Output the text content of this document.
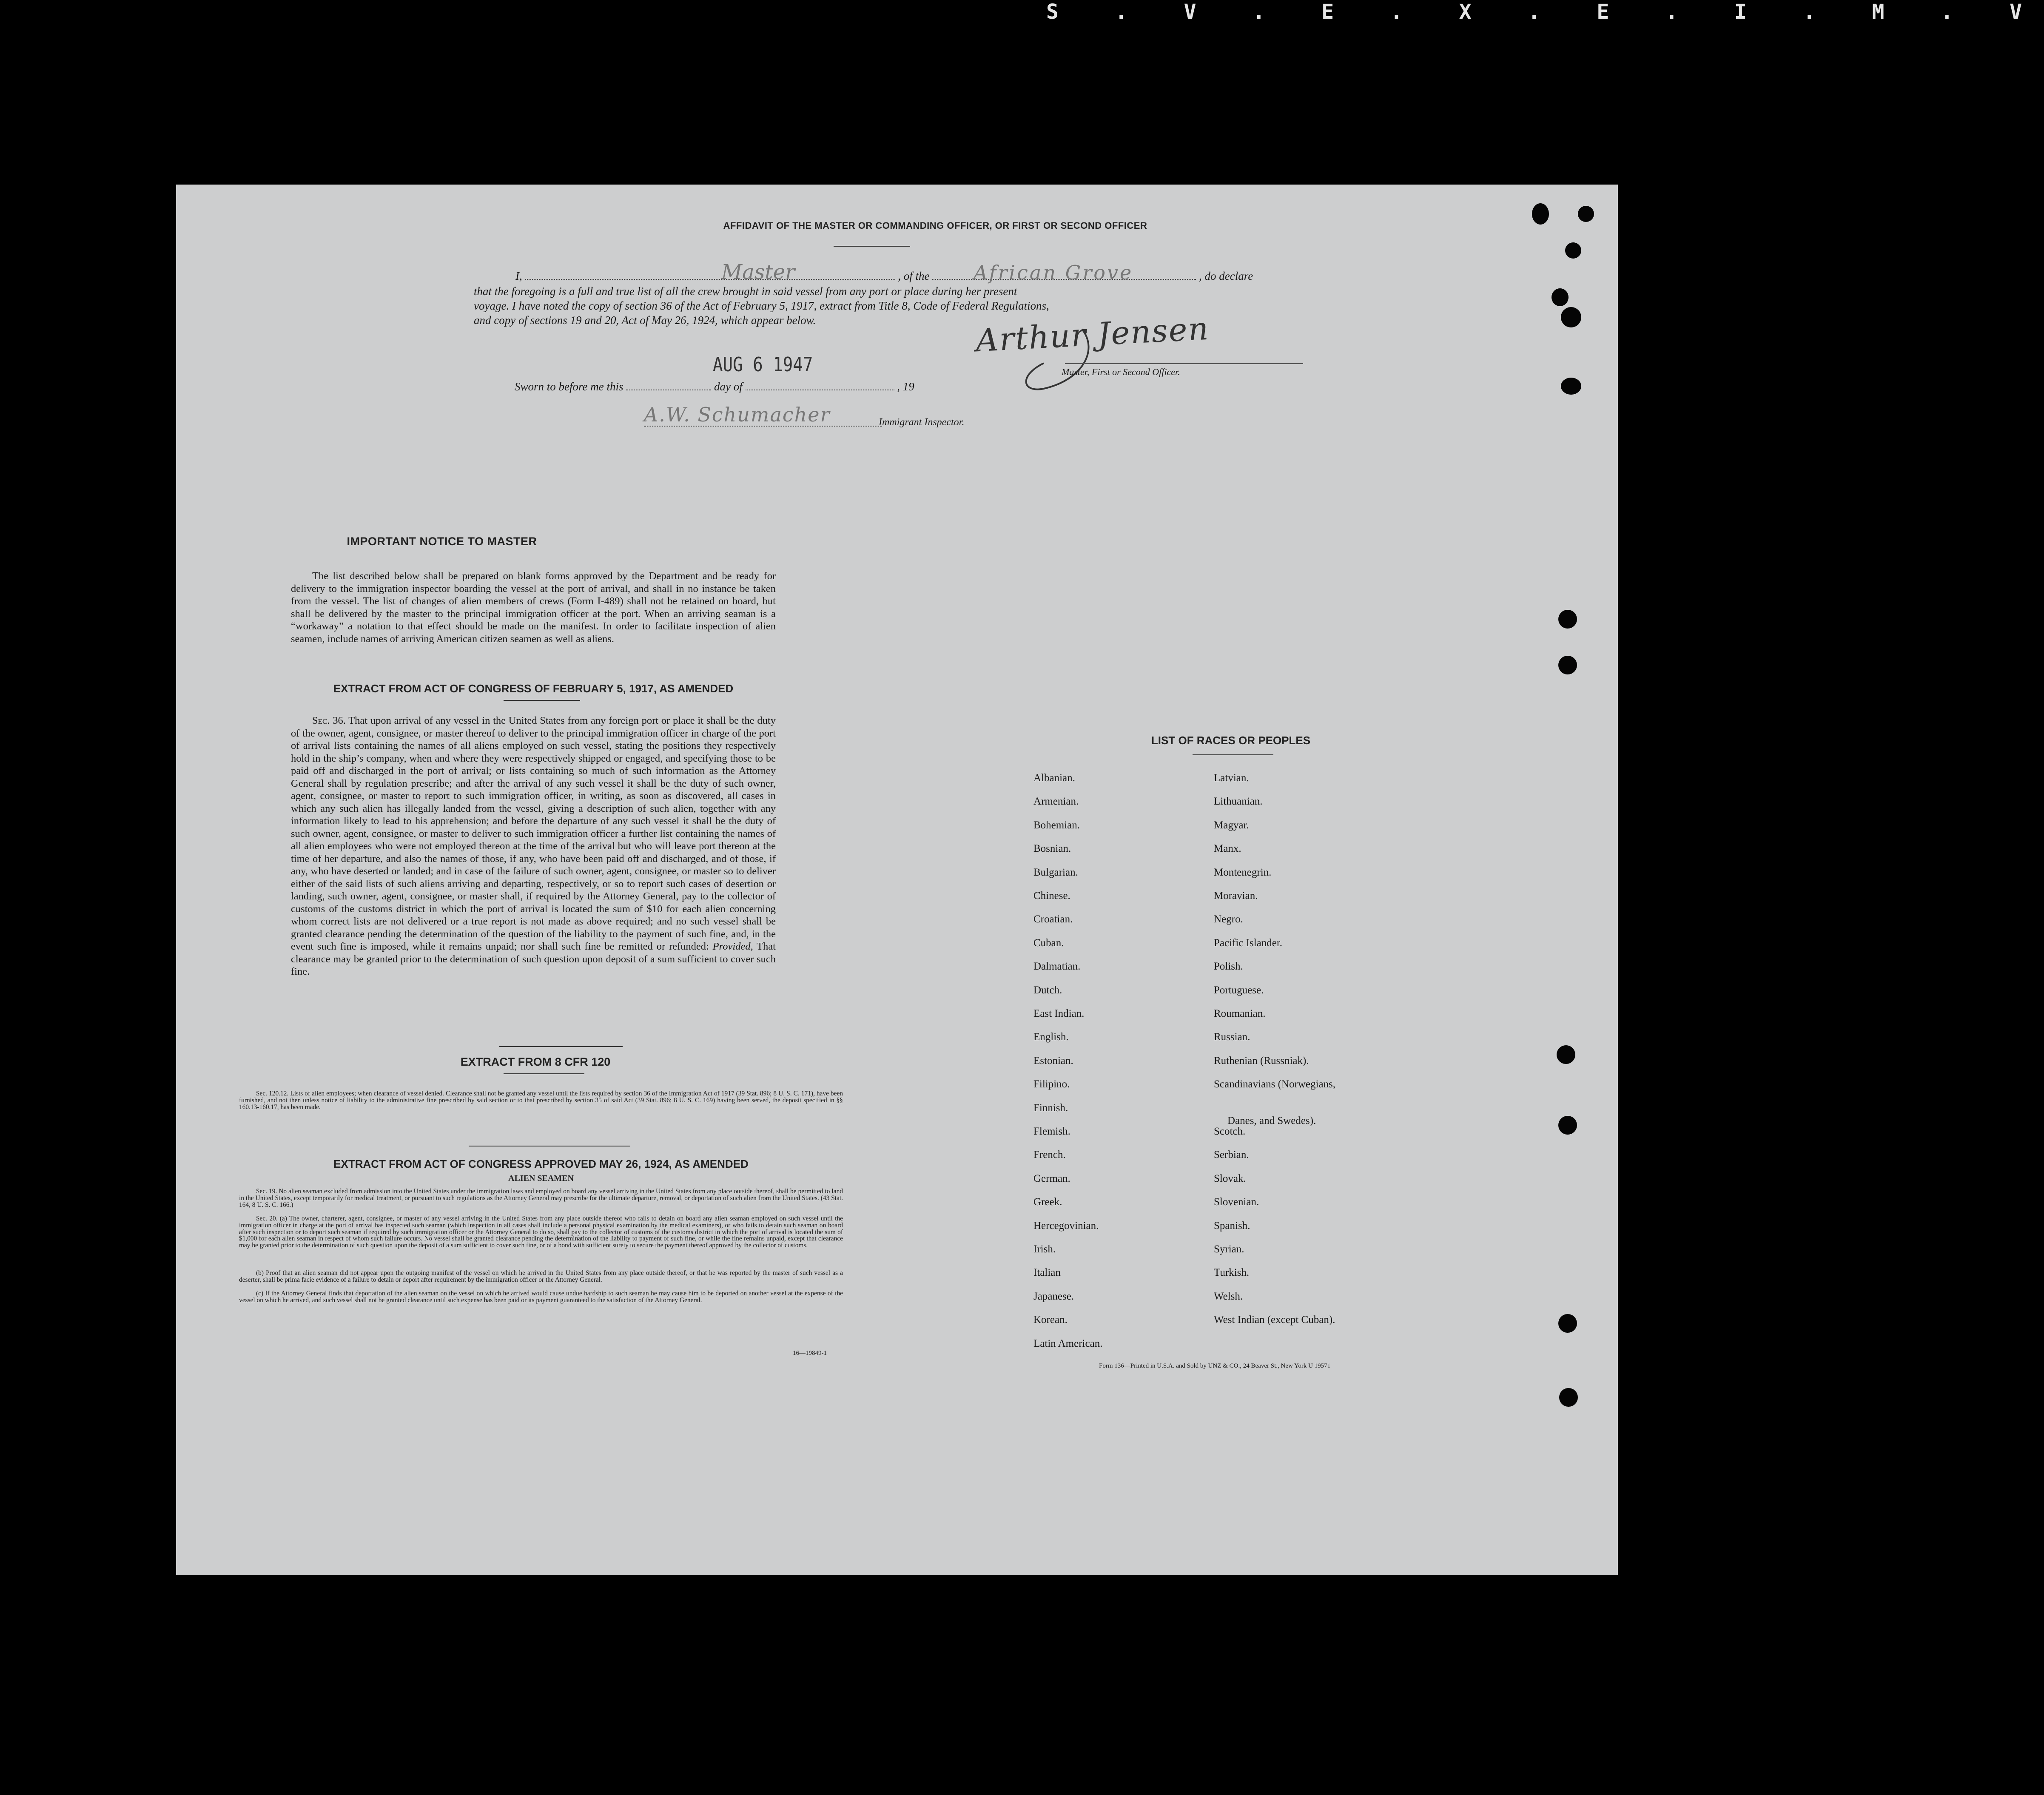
S . V . E . X . E . I . M . V
AFFIDAVIT OF THE MASTER OR COMMANDING OFFICER, OR FIRST OR SECOND OFFICER
I,	, of the	, do declare
Master	African Grove
that the foregoing is a full and true list of all the crew brought in said vessel from any port or place during her present
voyage. I have noted the copy of section 36 of the Act of February 5, 1917, extract from Title 8, Code of Federal Regulations,
and copy of sections 19 and 20, Act of May 26, 1924, which appear below.	Arthur Jensen
Master, First or Second Officer.
AUG 6 1947
Sworn to before me this	day of	, 19
A.W. Schumacher	Immigrant Inspector.
IMPORTANT NOTICE TO MASTER
The list described below shall be prepared on blank forms approved by the Department and be ready for delivery to the immigration inspector boarding the vessel at the port of arrival, and shall in no instance be taken from the vessel. The list of changes of alien members of crews (Form I-489) shall not be retained on board, but shall be delivered by the master to the principal immigration officer at the port. When an arriving seaman is a “workaway” a notation to that effect should be made on the manifest. In order to facilitate inspection of alien seamen, include names of arriving American citizen seamen as well as aliens.
EXTRACT FROM ACT OF CONGRESS OF FEBRUARY 5, 1917, AS AMENDED
Sec. 36. That upon arrival of any vessel in the United States from any foreign port or place it shall be the duty of the owner, agent, consignee, or master thereof to deliver to the principal immigration officer in charge of the port of arrival lists containing the names of all aliens employed on such vessel, stating the positions they respectively hold in the ship’s company, when and where they were respectively shipped or engaged, and specifying those to be paid off and discharged in the port of arrival; or lists containing so much of such information as the Attorney General shall by regulation prescribe; and after the arrival of any such vessel it shall be the duty of such owner, agent, consignee, or master to report to such immigration officer, in writing, as soon as discovered, all cases in which any such alien has illegally landed from the vessel, giving a description of such alien, together with any information likely to lead to his apprehension; and before the departure of any such vessel it shall be the duty of such owner, agent, consignee, or master to deliver to such immigration officer a further list containing the names of all alien employees who were not employed thereon at the time of the arrival but who will leave port thereon at the time of her departure, and also the names of those, if any, who have been paid off and discharged, and of those, if any, who have deserted or landed; and in case of the failure of such owner, agent, consignee, or master so to deliver either of the said lists of such aliens arriving and departing, respectively, or so to report such cases of desertion or landing, such owner, agent, consignee, or master shall, if required by the Attorney General, pay to the collector of customs of the customs district in which the port of arrival is located the sum of $10 for each alien concerning whom correct lists are not delivered or a true report is not made as above required; and no such vessel shall be granted clearance pending the determination of the question of the liability to the payment of such fine, and, in the event such fine is imposed, while it remains unpaid; nor shall such fine be remitted or refunded: Provided, That clearance may be granted prior to the determination of such question upon deposit of a sum sufficient to cover such fine.
EXTRACT FROM 8 CFR 120
Sec. 120.12. Lists of alien employees; when clearance of vessel denied. Clearance shall not be granted any vessel until the lists required by section 36 of the Immigration Act of 1917 (39 Stat. 896; 8 U. S. C. 171), have been furnished, and not then unless notice of liability to the administrative fine prescribed by said section or to that prescribed by section 35 of said Act (39 Stat. 896; 8 U. S. C. 169) having been served, the deposit specified in §§ 160.13-160.17, has been made.
EXTRACT FROM ACT OF CONGRESS APPROVED MAY 26, 1924, AS AMENDED
ALIEN SEAMEN
Sec. 19. No alien seaman excluded from admission into the United States under the immigration laws and employed on board any vessel arriving in the United States from any place outside thereof, shall be permitted to land in the United States, except temporarily for medical treatment, or pursuant to such regulations as the Attorney General may prescribe for the ultimate departure, removal, or deportation of such alien from the United States. (43 Stat. 164, 8 U. S. C. 166.)
Sec. 20. (a) The owner, charterer, agent, consignee, or master of any vessel arriving in the United States from any place outside thereof who fails to detain on board any alien seaman employed on such vessel until the immigration officer in charge at the port of arrival has inspected such seaman (which inspection in all cases shall include a personal physical examination by the medical examiners), or who fails to detain such seaman on board after such inspection or to deport such seaman if required by such immigration officer or the Attorney General to do so, shall pay to the collector of customs of the customs district in which the port of arrival is located the sum of $1,000 for each alien seaman in respect of whom such failure occurs. No vessel shall be granted clearance pending the determination of the liability to payment of such fine, or while the fine remains unpaid, except that clearance may be granted prior to the determination of such question upon the deposit of a sum sufficient to cover such fine, or of a bond with sufficient surety to secure the payment thereof approved by the collector of customs.
(b) Proof that an alien seaman did not appear upon the outgoing manifest of the vessel on which he arrived in the United States from any place outside thereof, or that he was reported by the master of such vessel as a deserter, shall be prima facie evidence of a failure to detain or deport after requirement by the immigration officer or the Attorney General.
(c) If the Attorney General finds that deportation of the alien seaman on the vessel on which he arrived would cause undue hardship to such seaman he may cause him to be deported on another vessel at the expense of the vessel on which he arrived, and such vessel shall not be granted clearance until such expense has been paid or its payment guaranteed to the satisfaction of the Attorney General.
16—19849-1
LIST OF RACES OR PEOPLES
Form 136—Printed in U.S.A. and Sold by UNZ & CO., 24 Beaver St., New York U 19571
Albanian.
Armenian.
Bohemian.
Bosnian.
Bulgarian.
Chinese.
Croatian.
Cuban.
Dalmatian.
Dutch.
East Indian.
English.
Estonian.
Filipino.
Finnish.
Flemish.
French.
German.
Greek.
Hercegovinian.
Irish.
Italian
Japanese.
Korean.
Latin American.
Latvian.
Lithuanian.
Magyar.
Manx.
Montenegrin.
Moravian.
Negro.
Pacific Islander.
Polish.
Portuguese.
Roumanian.
Russian.
Ruthenian (Russniak).
Scandinavians (Norwegians,
Danes, and Swedes).
Scotch.
Serbian.
Slovak.
Slovenian.
Spanish.
Syrian.
Turkish.
Welsh.
West Indian (except Cuban).
